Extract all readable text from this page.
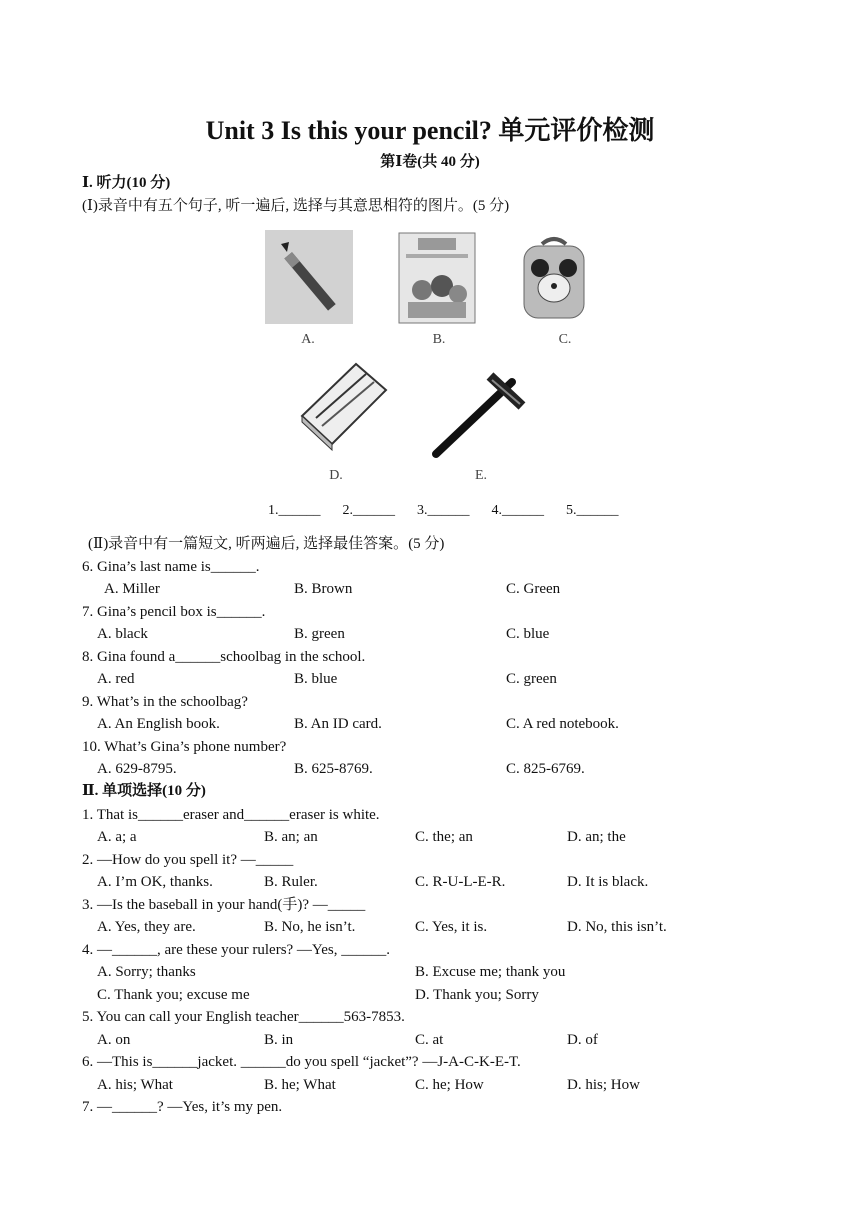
Unit 3 Is this your pencil? 单元评价检测
第Ⅰ卷(共 40 分)
Ⅰ. 听力(10 分)
(Ⅰ)录音中有五个句子, 听一遍后, 选择与其意思相符的图片。(5 分)
A.	B.	C.
D.	E.
1.______ 2.______ 3.______ 4.______ 5.______
(Ⅱ)录音中有一篇短文, 听两遍后, 选择最佳答案。(5 分)
6. Gina’s last name is______.
A. Miller	B. Brown	C. Green
7. Gina’s pencil box is______.
A. black	B. green	C. blue
8. Gina found a______schoolbag in the school.
A. red	B. blue	C. green
9. What’s in the schoolbag?
A. An English book.	B. An ID card.	C. A red notebook.
10. What’s Gina’s phone number?
A. 629-8795.	B. 625-8769.	C. 825-6769.
Ⅱ. 单项选择(10 分)
1. That is______eraser and______eraser is white.
A. a; a	B. an; an	C. the; an	D. an; the
2. —How do you spell it? —_____
A. I’m OK, thanks.	B. Ruler.	C. R-U-L-E-R.	D. It is black.
3. —Is the baseball in your hand(手)? —_____
A. Yes, they are.	B. No, he isn’t.	C. Yes, it is.	D. No, this isn’t.
4. —______, are these your rulers? —Yes, ______.
A. Sorry; thanks	B. Excuse me; thank you
C. Thank you; excuse me	D. Thank you; Sorry
5. You can call your English teacher______563-7853.
A. on	B. in	C. at	D. of
6. —This is______jacket. ______do you spell “jacket”? —J-A-C-K-E-T.
A. his; What	B. he; What	C. he; How	D. his; How
7. —______? —Yes, it’s my pen.
